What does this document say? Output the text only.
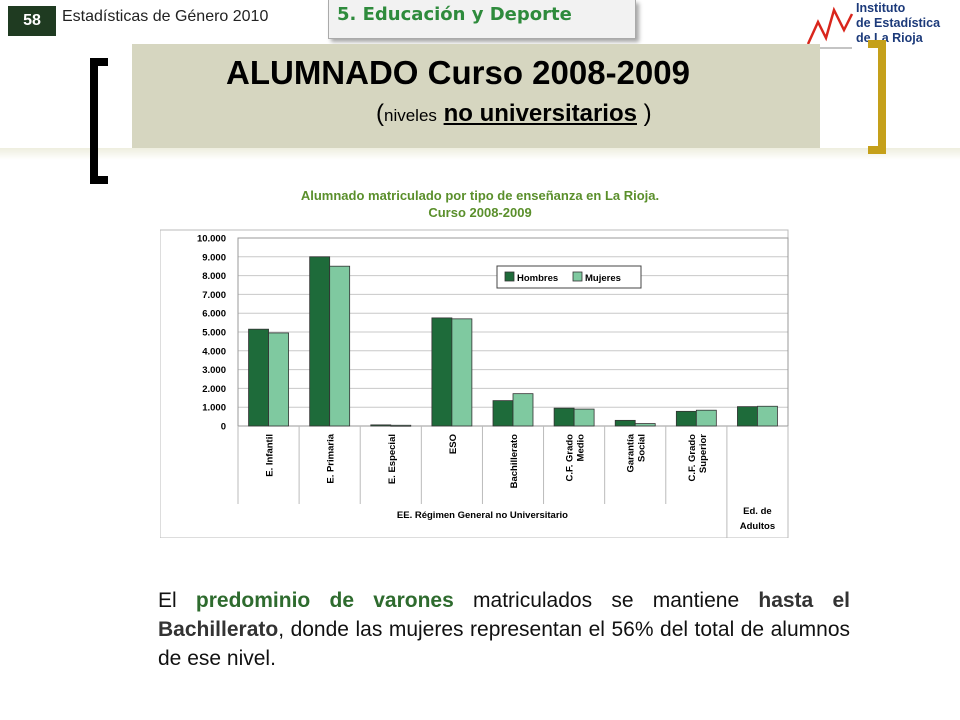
58	Estadísticas de Género 2010	5. Educación y Deporte	Instituto
de Estadística
de La Rioja
ALUMNADO Curso 2008-2009
(niveles no universitarios )
Alumnado matriculado por tipo de enseñanza en La Rioja.
Curso 2008-2009
0
1.000
2.000
3.000
4.000
5.000
6.000
7.000
8.000
9.000
10.000
E. Infantil	E. Primaria	E. Especial	ESO	Bachillerato	C.F. Grado Medio	Garantía Social	C.F. Grado Superior
EE. Régimen General no Universitario	Ed. de
Adultos
Hombres	Mujeres
El predominio de varones matriculados se mantiene hasta el Bachillerato, donde las mujeres representan el 56% del total de alumnos de ese nivel.
